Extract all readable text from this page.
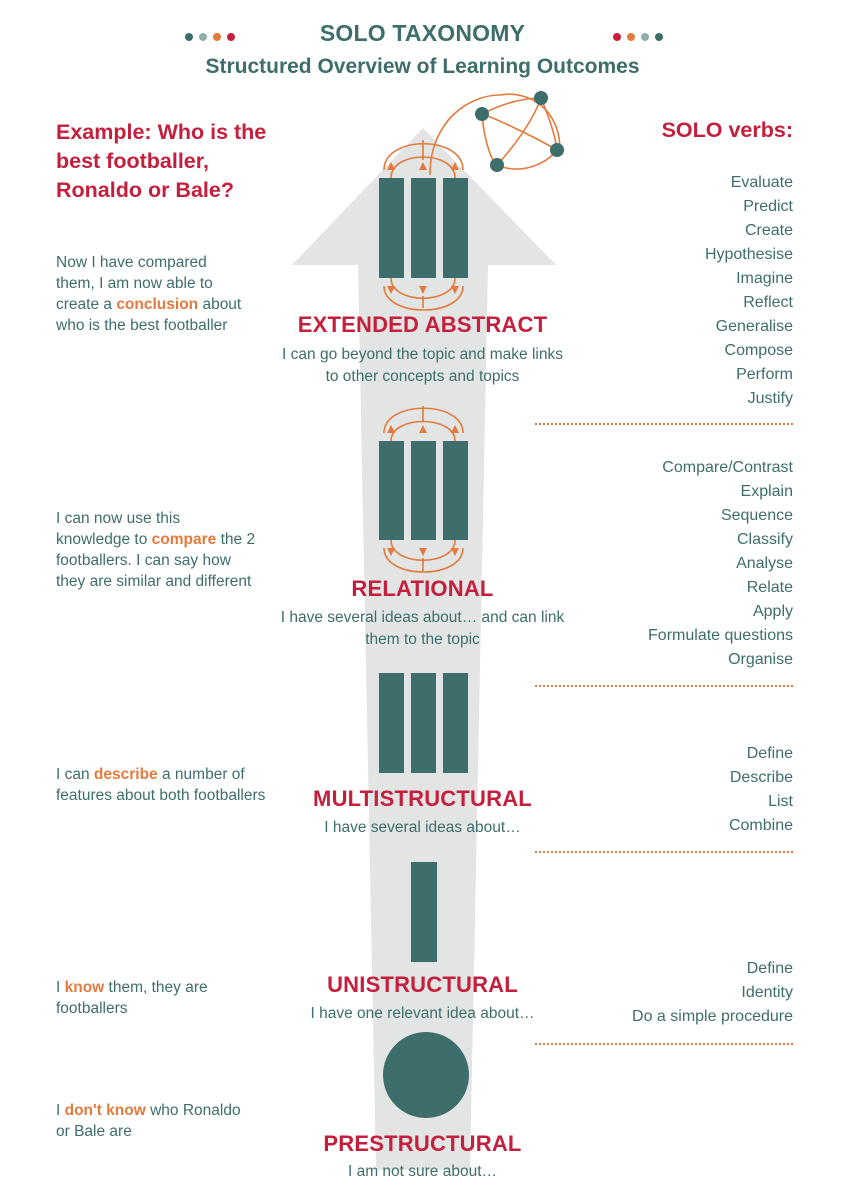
SOLO TAXONOMY
Structured Overview of Learning Outcomes
Example: Who is the best footballer, Ronaldo or Bale?
SOLO verbs:
Now I have compared them, I am now able to create a conclusion about who is the best footballer
I can now use this knowledge to compare the 2 footballers. I can say how they are similar and different
I can describe a number of features about both footballers
I know them, they are footballers
I don't know who Ronaldo or Bale are
EXTENDED ABSTRACT
I can go beyond the topic and make links to other concepts and topics
RELATIONAL
I have several ideas about… and can link them to the topic
MULTISTRUCTURAL
I have several ideas about…
UNISTRUCTURAL
I have one relevant idea about…
PRESTRUCTURAL
I am not sure about…
Evaluate
Predict
Create
Hypothesise
Imagine
Reflect
Generalise
Compose
Perform
Justify
Compare/Contrast
Explain
Sequence
Classify
Analyse
Relate
Apply
Formulate questions
Organise
Define
Describe
List
Combine
Define
Identity
Do a simple procedure
